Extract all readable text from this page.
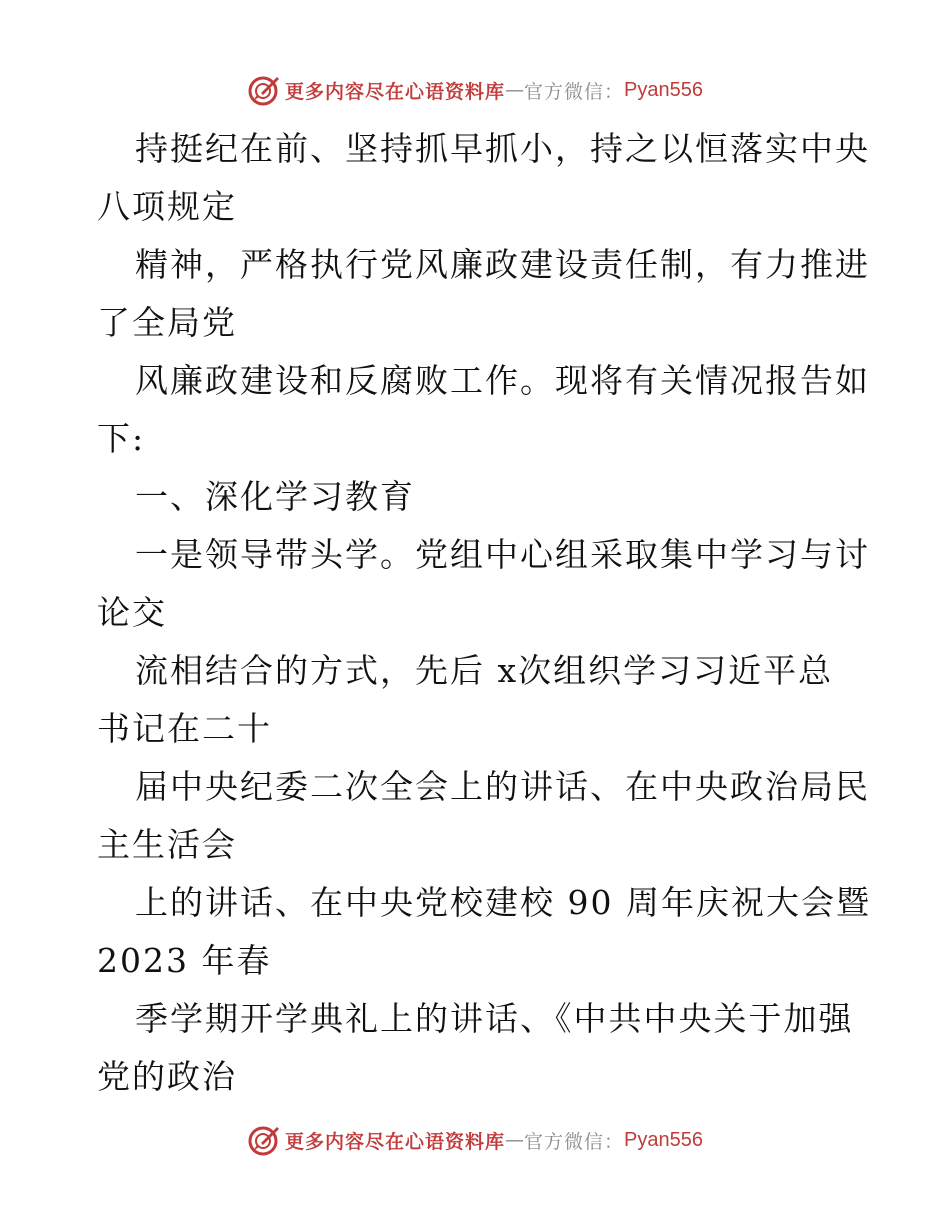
更多内容尽在心语资料库 — 官方微信： Pyan556
持挺纪在前、坚持抓早抓小，持之以恒落实中央
八项规定
精神，严格执行党风廉政建设责任制，有力推进
了全局党
风廉政建设和反腐败工作。现将有关情况报告如
下:
一、深化学习教育
一是领导带头学。党组中心组采取集中学习与讨
论交
流相结合的方式，先后 x次组织学习习近平总
书记在二十
届中央纪委二次全会上的讲话、在中央政治局民
主生活会
上的讲话、在中央党校建校 90 周年庆祝大会暨
2023 年春
季学期开学典礼上的讲话、《中共中央关于加强
党的政治
更多内容尽在心语资料库 — 官方微信： Pyan556
